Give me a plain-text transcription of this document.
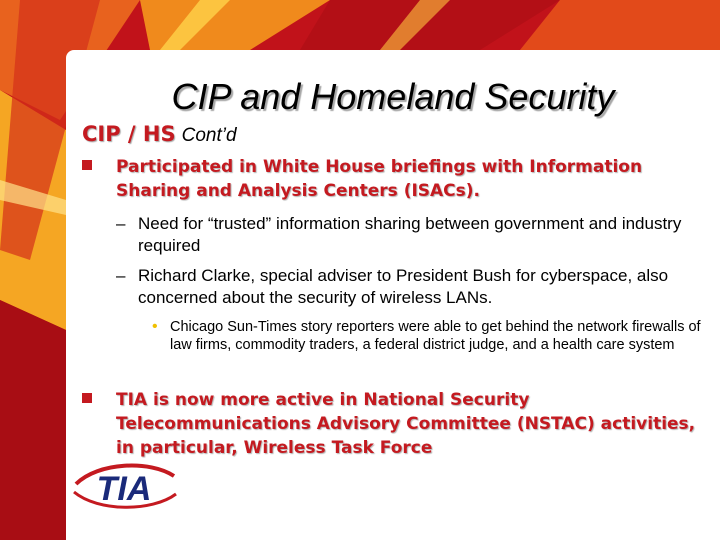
CIP and Homeland Security
CIP / HS Cont’d
Participated in White House briefings with Information Sharing and Analysis Centers (ISACs).
– Need for “trusted” information sharing between government and industry required
– Richard Clarke, special adviser to President Bush for cyberspace, also concerned about the security of wireless LANs.
• Chicago Sun-Times story reporters were able to get behind the network firewalls of law firms, commodity traders, a federal district judge, and a health care system
TIA is now more active in National Security Telecommunications Advisory Committee (NSTAC) activities, in particular, Wireless Task Force
TIA
